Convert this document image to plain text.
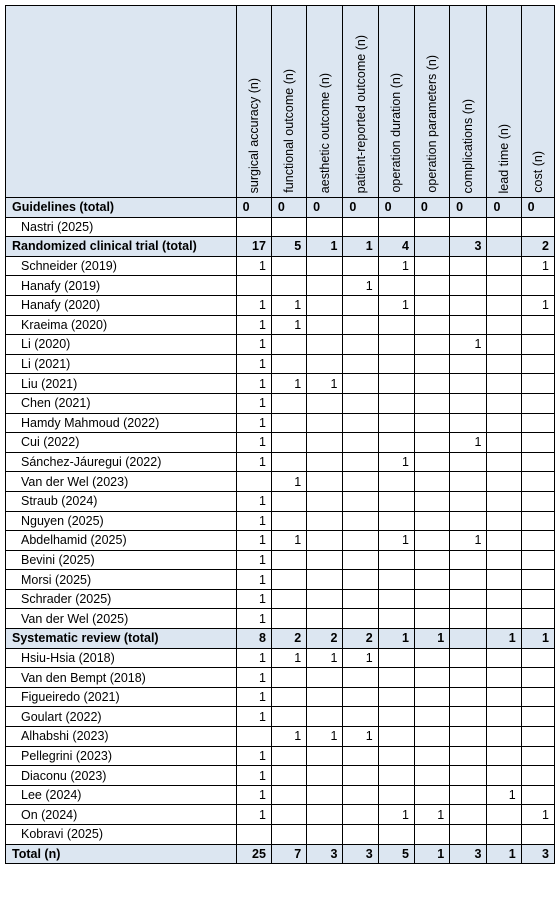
	surgical accuracy (n)	functional outcome (n)	aesthetic outcome (n)	patient-reported outcome (n)	operation duration (n)	operation parameters (n)	complications (n)	lead time (n)	cost (n)

Guidelines (total)	0	0	0	0	0	0	0	0	0
Nastri (2025)									
Randomized clinical trial (total)	17	5	1	1	4		3		2
Schneider (2019)	1				1				1
Hanafy (2019)				1					
Hanafy (2020)	1	1			1				1
Kraeima (2020)	1	1							
Li (2020)	1						1		
Li (2021)	1								
Liu (2021)	1	1	1						
Chen (2021)	1								
Hamdy Mahmoud (2022)	1								
Cui (2022)	1						1		
Sánchez-Jáuregui (2022)	1				1				
Van der Wel (2023)		1							
Straub (2024)	1								
Nguyen (2025)	1								
Abdelhamid (2025)	1	1			1		1		
Bevini (2025)	1								
Morsi (2025)	1								
Schrader (2025)	1								
Van der Wel (2025)	1								
Systematic review (total)	8	2	2	2	1	1		1	1
Hsiu-Hsia (2018)	1	1	1	1					
Van den Bempt (2018)	1								
Figueiredo (2021)	1								
Goulart (2022)	1								
Alhabshi (2023)		1	1	1					
Pellegrini (2023)	1								
Diaconu (2023)	1								
Lee (2024)	1							1	
On (2024)	1				1	1			1
Kobravi (2025)									
Total (n)	25	7	3	3	5	1	3	1	3
